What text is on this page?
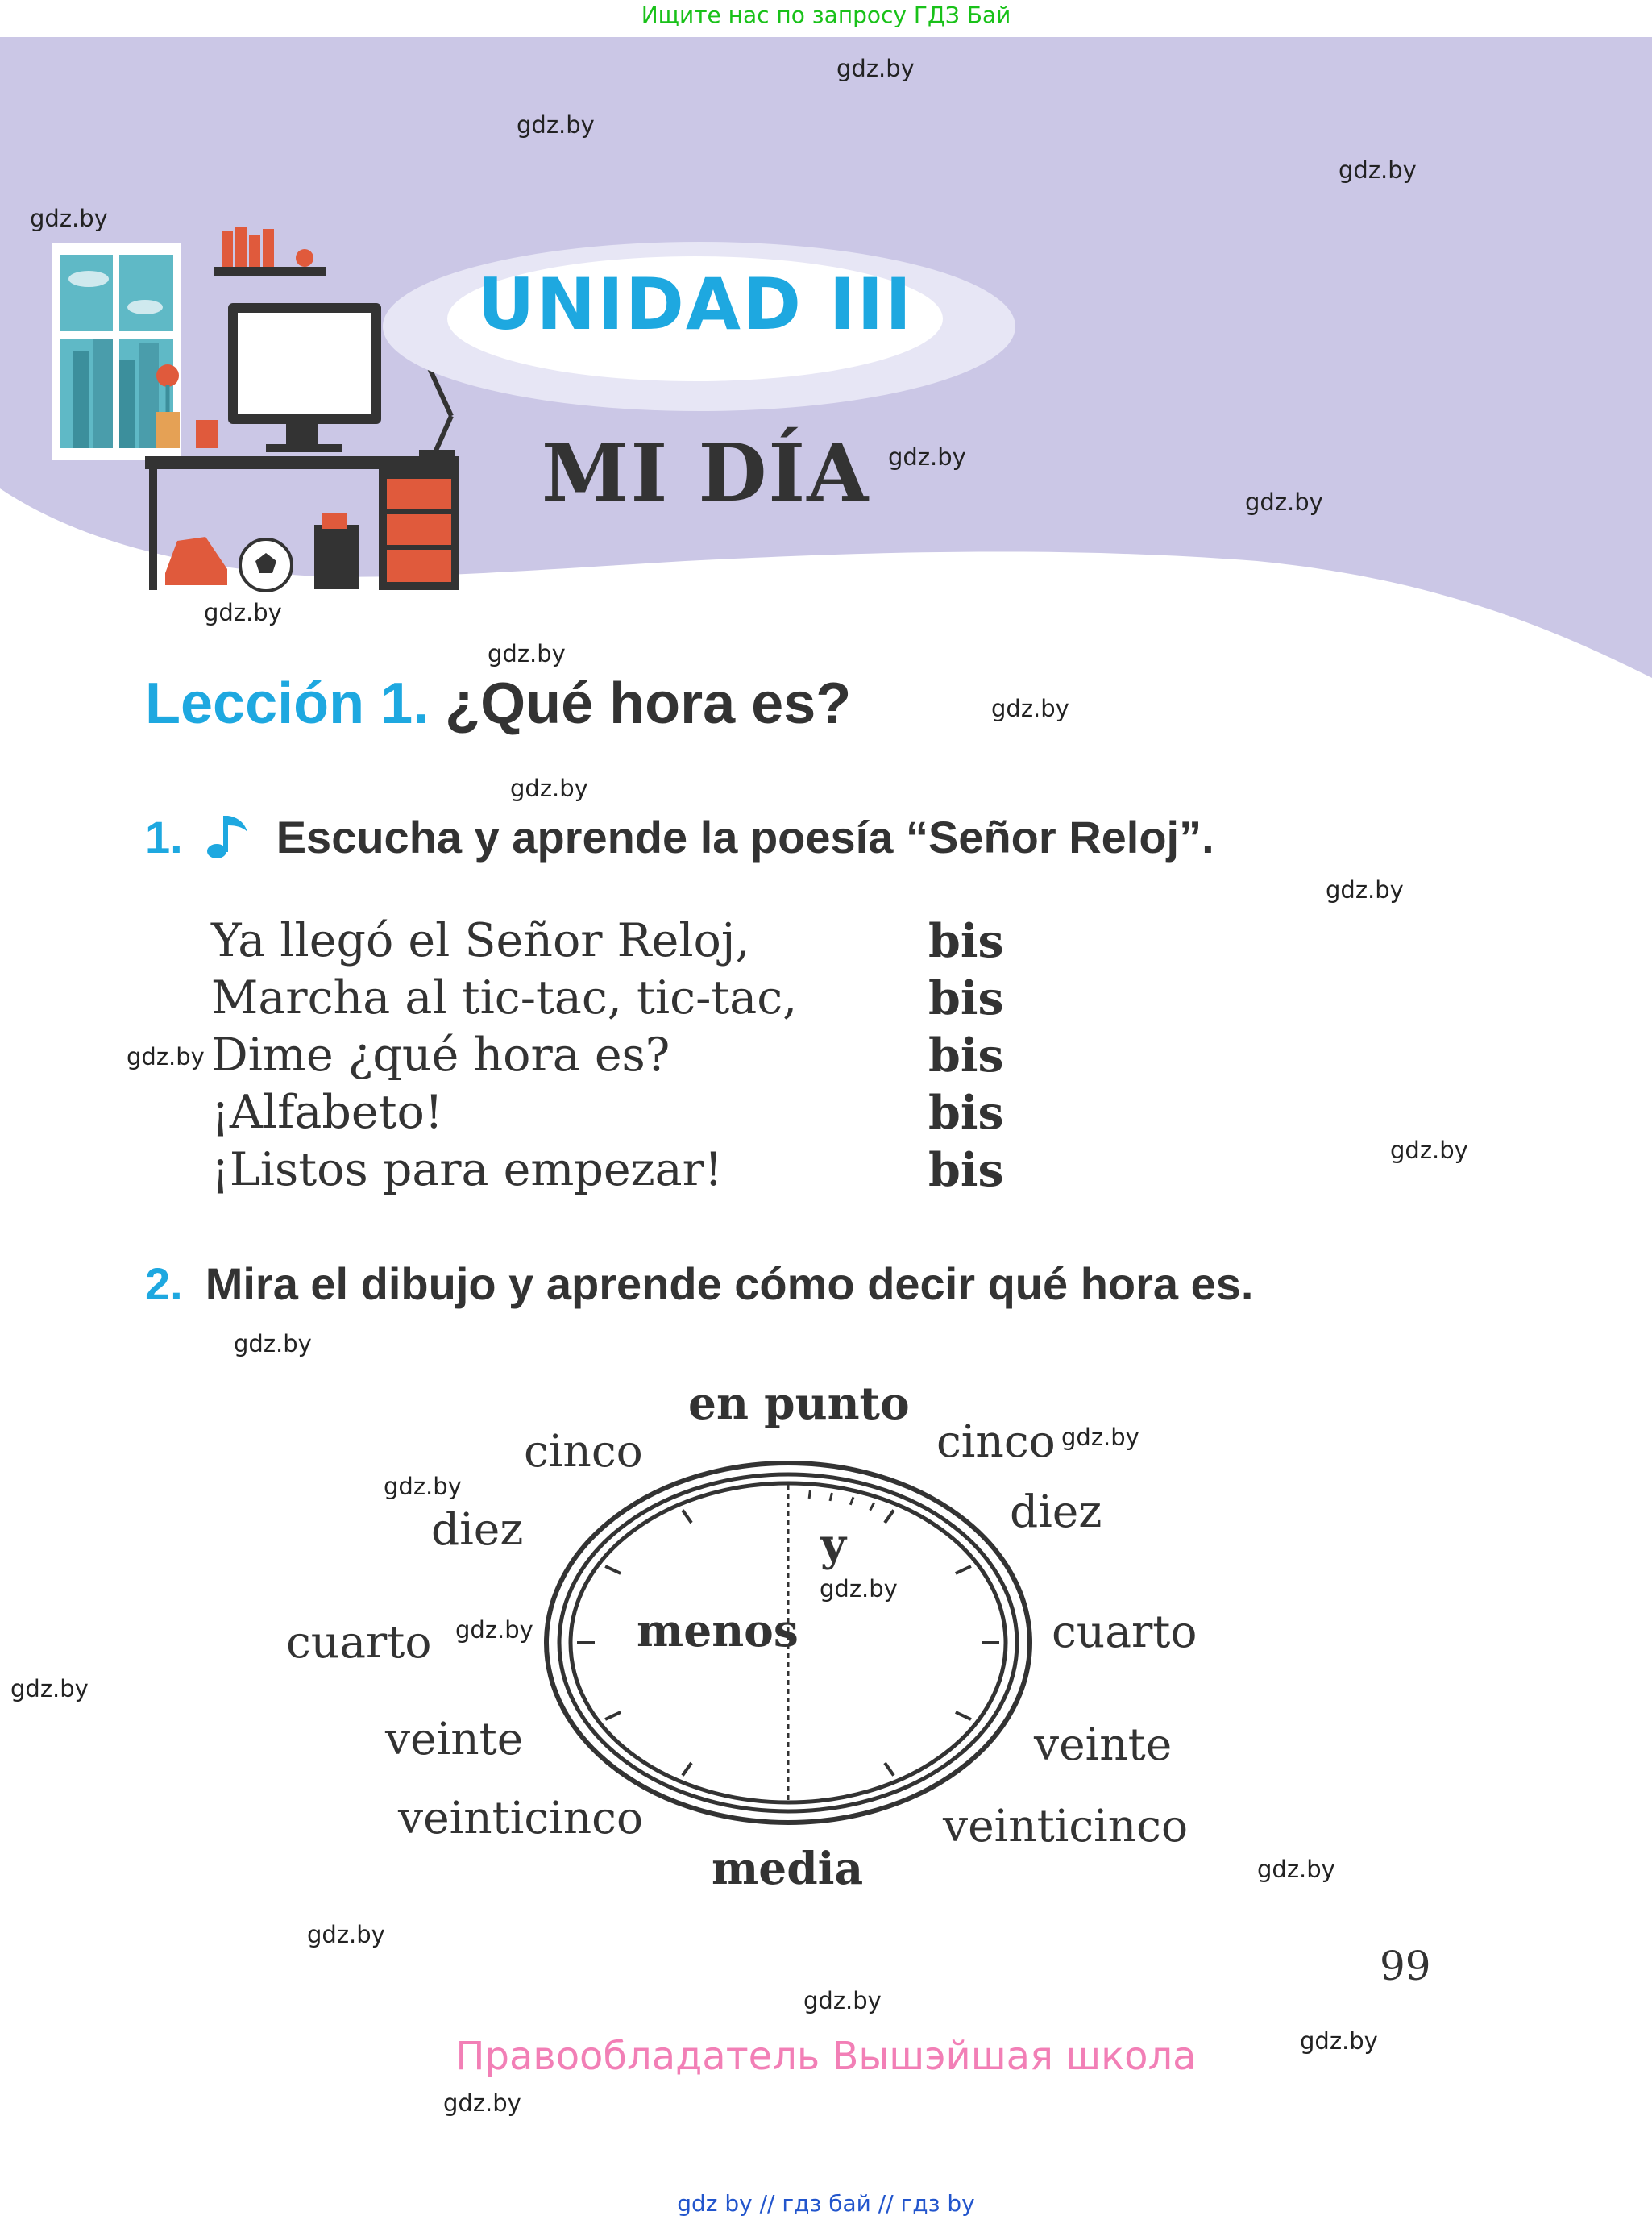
Ищите нас по запросу ГДЗ Бай
UNIDAD III
MI DÍA
gdz.by
gdz.by
gdz.by
gdz.by
gdz.by
gdz.by
gdz.by
gdz.by
gdz.by
gdz.by
gdz.by
gdz.by
gdz.by
gdz.by
gdz.by
gdz.by
gdz.by
gdz.by
gdz.by
gdz.by
gdz.by
gdz.by
gdz.by
gdz.by
Lección 1. ¿Qué hora es?
1. Escucha y aprende la poesía “Señor Reloj”.
Ya llegó el Señor Reloj,	bis
Marcha al tic-tac, tic-tac,	bis
Dime ¿qué hora es?	bis
¡Alfabeto!	bis
¡Listos para empezar!	bis
2. Mira el dibujo y aprende cómo decir qué hora es.
en punto
media
menos
y
cinco
diez
cuarto
veinte
veinticinco
cinco
diez
cuarto
veinte
veinticinco
99
Правообладатель Вышэйшая школа
gdz by // гдз бай // гдз by
